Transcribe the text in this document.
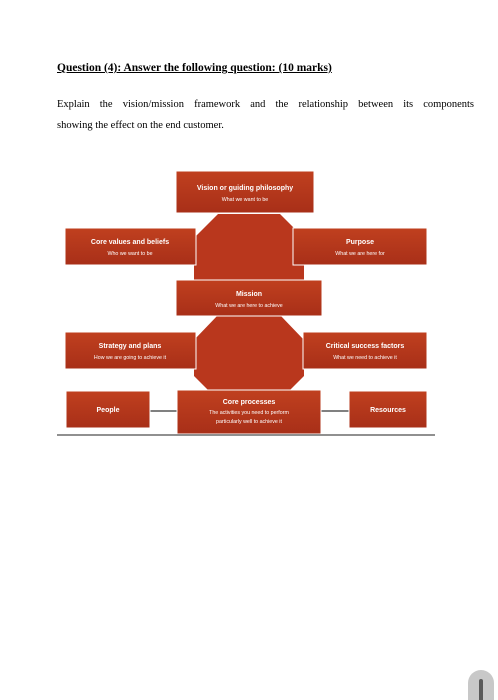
Question (4): Answer the following question: (10 marks)
Explain the vision/mission framework and the relationship between its components
showing the effect on the end customer.
Vision or guiding philosophy
What we want to be
Core values and beliefs
Who we want to be
Purpose
What we are here for
Mission
What we are here to achieve
Strategy and plans
How we are going to achieve it
Critical success factors
What we need to achieve it
People
Core processes
The activities you need to perform
particularly well to achieve it
Resources
